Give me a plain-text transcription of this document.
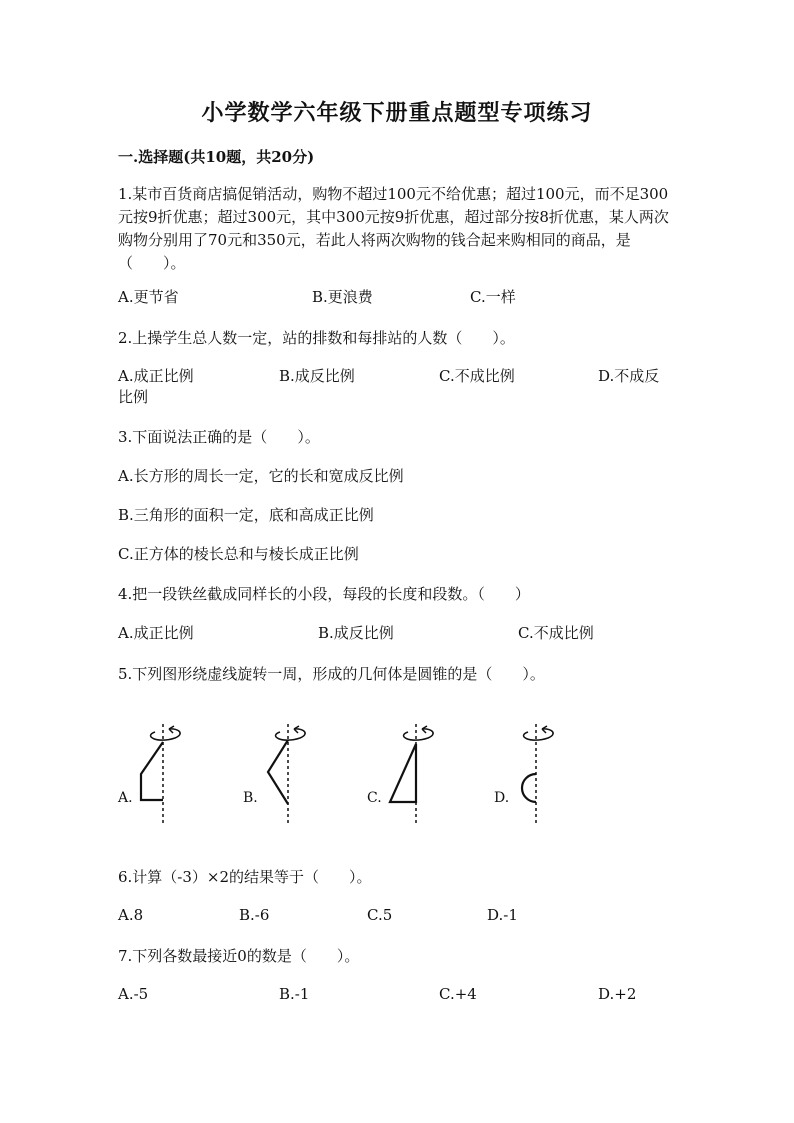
小学数学六年级下册重点题型专项练习
一.选择题(共10题，共20分)
1.某市百货商店搞促销活动，购物不超过100元不给优惠；超过100元，而不足300元按9折优惠；超过300元，其中300元按9折优惠，超过部分按8折优惠，某人两次购物分别用了70元和350元，若此人将两次购物的钱合起来购相同的商品，是（　　）。
A.更节省	B.更浪费	C.一样
2.上操学生总人数一定，站的排数和每排站的人数（　　）。
A.成正比例	B.成反比例	C.不成比例	D.不成反比例
3.下面说法正确的是（　　）。
A.长方形的周长一定，它的长和宽成反比例
B.三角形的面积一定，底和高成正比例
C.正方体的棱长总和与棱长成正比例
4.把一段铁丝截成同样长的小段，每段的长度和段数。（　　）
A.成正比例	B.成反比例	C.不成比例
5.下列图形绕虚线旋转一周，形成的几何体是圆锥的是（　　）。
A.	B.	C.	D.
6.计算（-3）×2的结果等于（　　）。
A.8	B.-6	C.5	D.-1
7.下列各数最接近0的数是（　　）。
A.-5	B.-1	C.+4	D.+2
